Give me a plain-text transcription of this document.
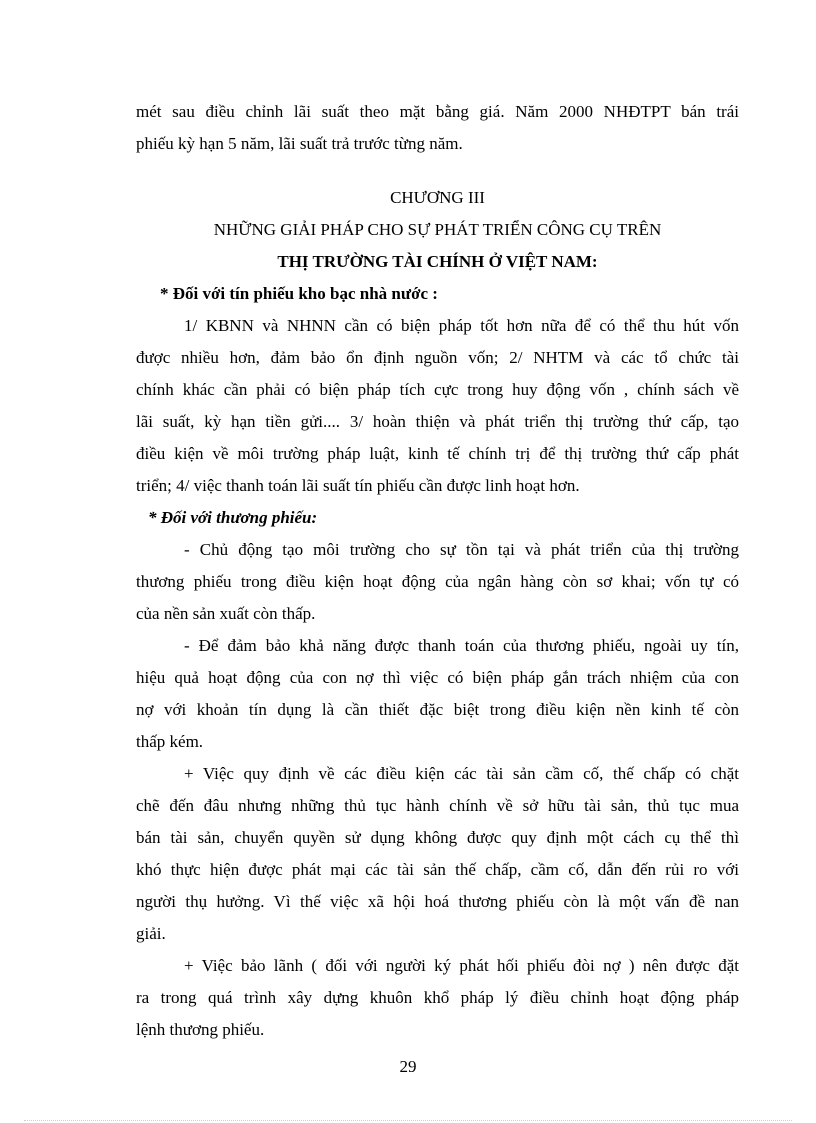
mét sau điều chỉnh lãi suất theo mặt bằng giá. Năm 2000 NHĐTPT bán trái
phiếu kỳ hạn 5 năm, lãi suất trả trước từng năm.
CHƯƠNG III
NHỮNG GIẢI PHÁP CHO SỰ PHÁT TRIỂN CÔNG CỤ TRÊN
THỊ TRƯỜNG TÀI CHÍNH Ở VIỆT NAM:
* Đối với tín phiếu kho bạc nhà nước :
1/ KBNN và NHNN cần có biện pháp tốt hơn nữa để có thể thu hút vốn
được nhiều hơn, đảm bảo ổn định nguồn vốn; 2/ NHTM và các tổ chức tài
chính khác cần phải có biện pháp tích cực trong huy động vốn , chính sách về
lãi suất, kỳ hạn tiền gửi.... 3/ hoàn thiện và phát triển thị trường thứ cấp, tạo
điều kiện về môi trường pháp luật, kinh tế chính trị để thị trường thứ cấp phát
triển; 4/ việc thanh toán lãi suất tín phiếu cần được linh hoạt hơn.
* Đối với thương phiếu:
- Chủ động tạo môi trường cho sự tồn tại và phát triển của thị trường
thương phiếu trong điều kiện hoạt động của ngân hàng còn sơ khai; vốn tự có
của nền sản xuất còn thấp.
- Để đảm bảo khả năng được thanh toán của thương phiếu, ngoài uy tín,
hiệu quả hoạt động của con nợ thì việc có biện pháp gắn trách nhiệm của con
nợ với khoản tín dụng là cần thiết đặc biệt trong điều kiện nền kinh tế còn
thấp kém.
+ Việc quy định về các điều kiện các tài sản cầm cố, thế chấp có chặt
chẽ đến đâu nhưng những thủ tục hành chính về sở hữu tài sản, thủ tục mua
bán tài sản, chuyển quyền sử dụng không được quy định một cách cụ thể thì
khó thực hiện được phát mại các tài sản thế chấp, cầm cố, dẫn đến rủi ro với
người thụ hưởng. Vì thế việc xã hội hoá thương phiếu còn là một vấn đề nan
giải.
+ Việc bảo lãnh ( đối với người ký phát hối phiếu đòi nợ ) nên được đặt
ra trong quá trình xây dựng khuôn khổ pháp lý điều chỉnh hoạt động pháp
lệnh thương phiếu.
29
